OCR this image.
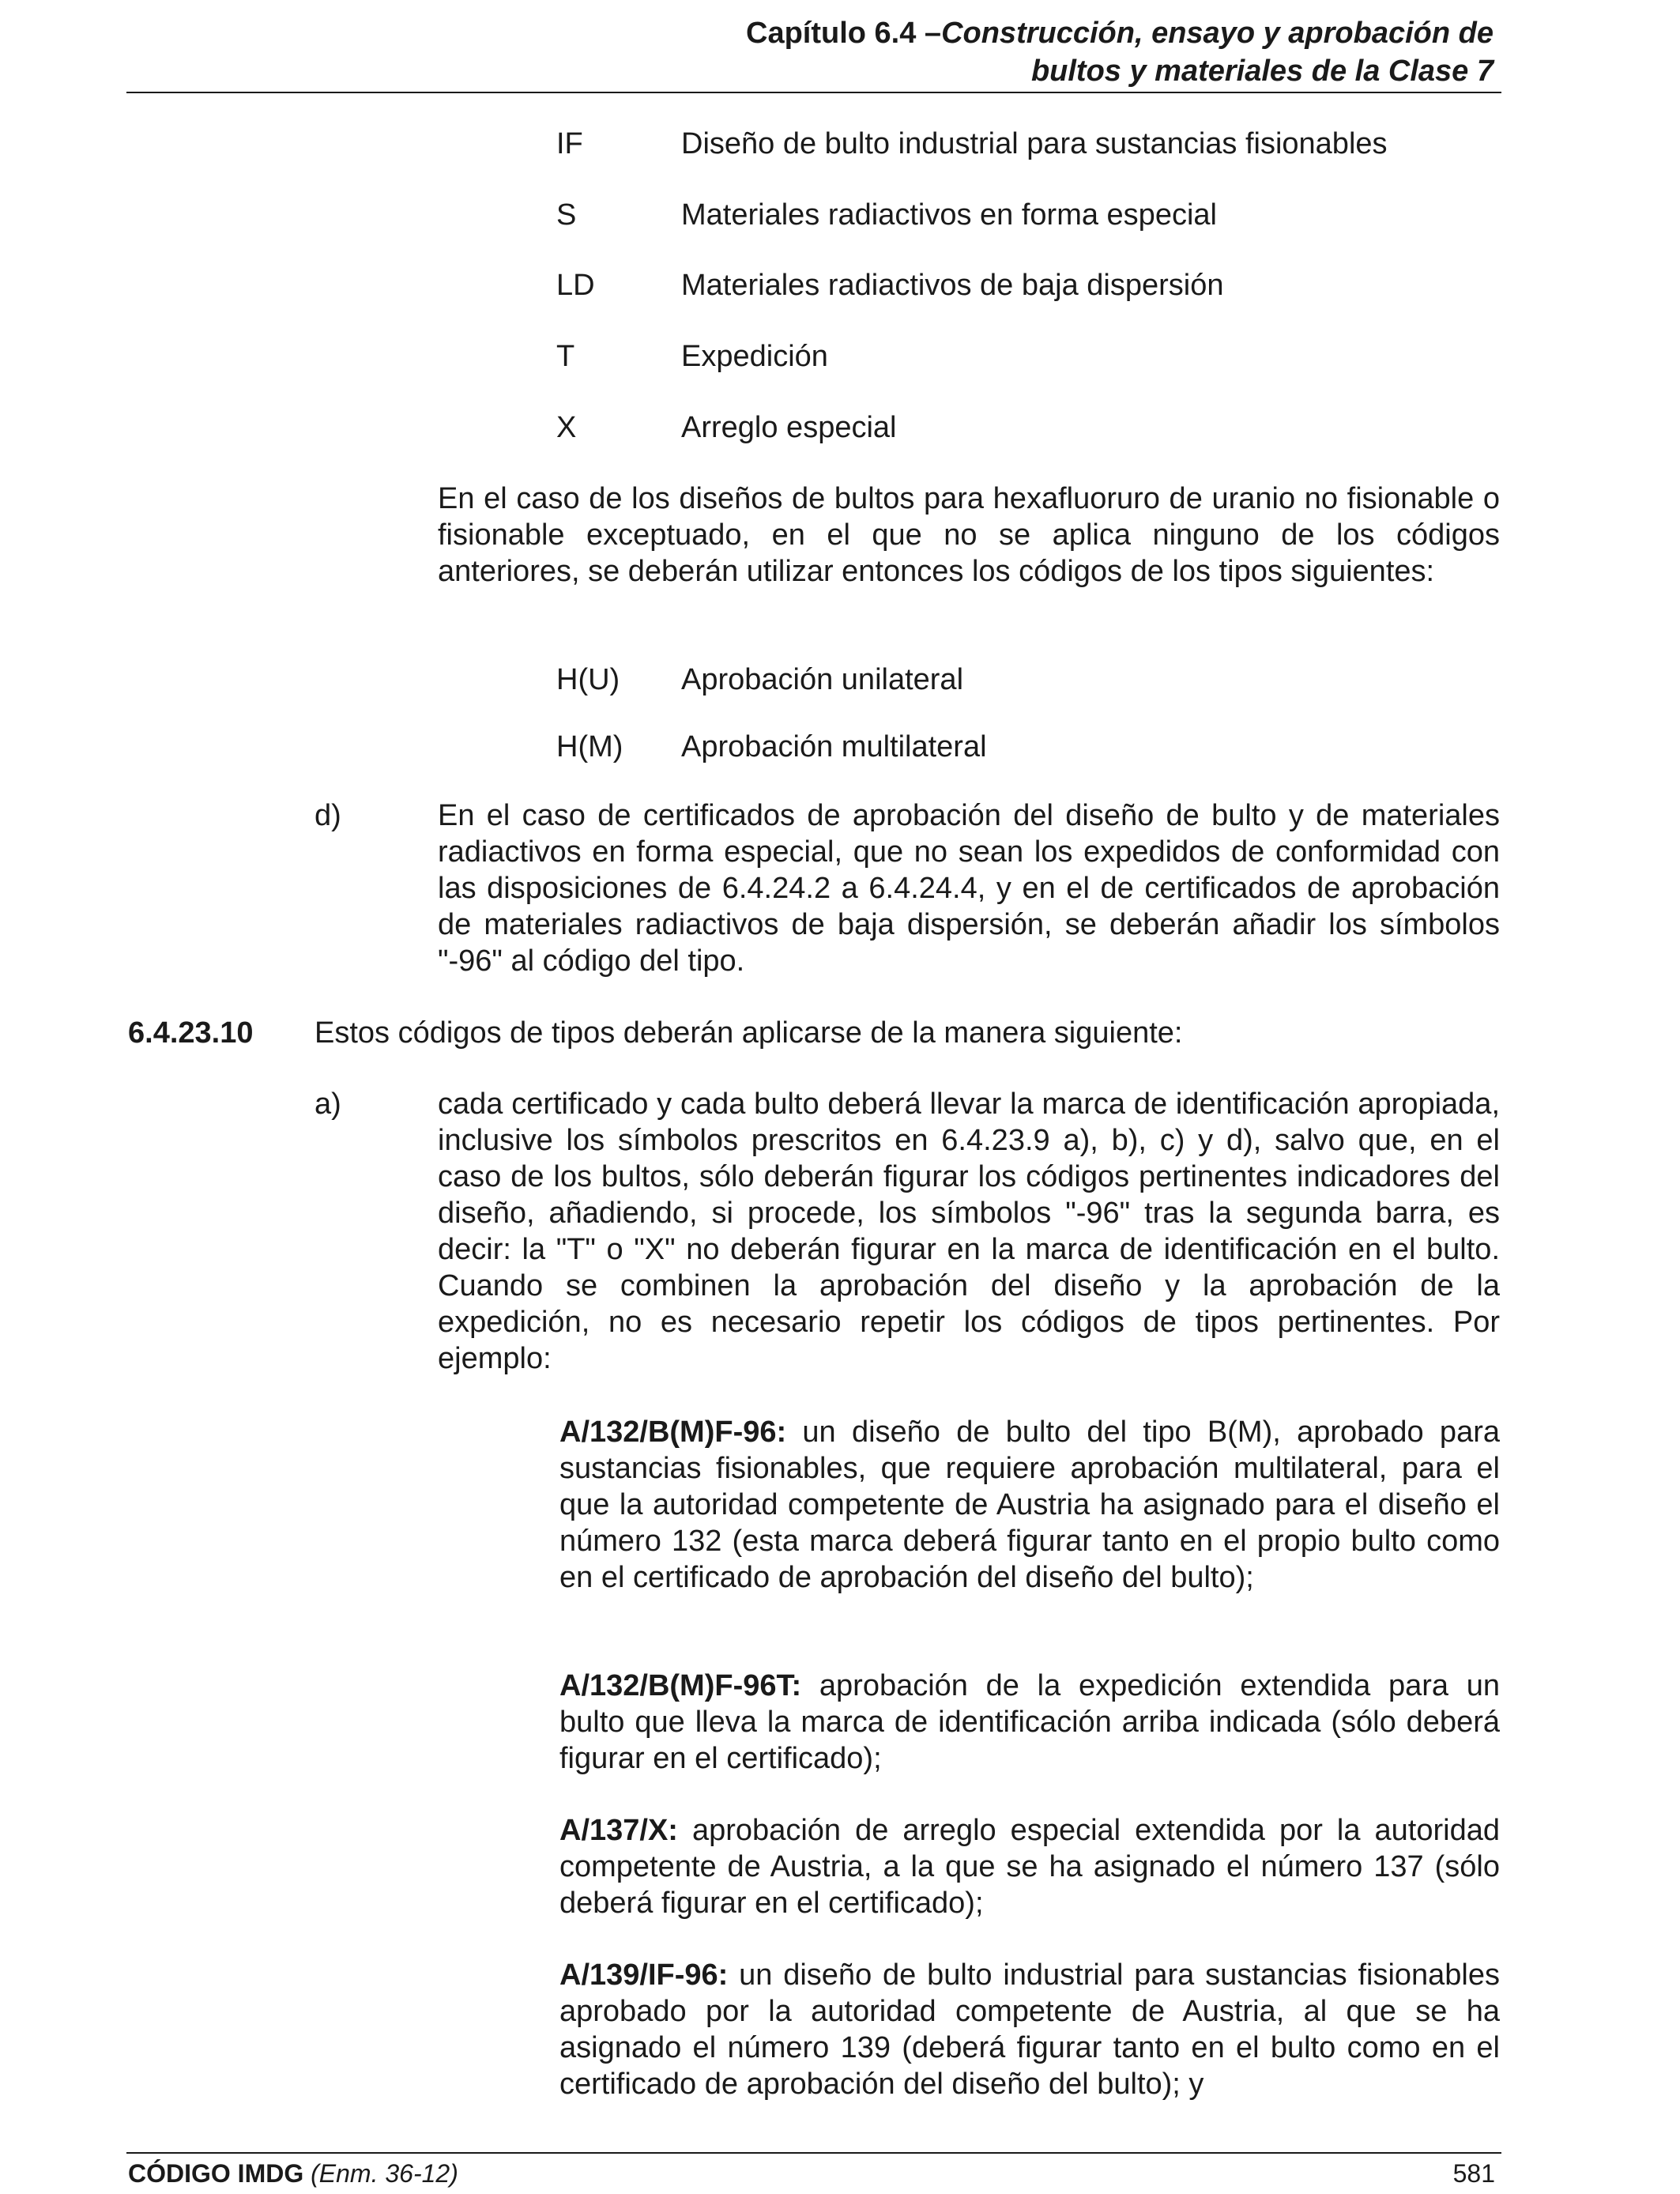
Capítulo 6.4 –Construcción, ensayo y aprobación de
bultos y materiales de la Clase 7
IF	Diseño de bulto industrial para sustancias fisionables
S	Materiales radiactivos en forma especial
LD	Materiales radiactivos de baja dispersión
T	Expedición
X	Arreglo especial
En el caso de los diseños de bultos para hexafluoruro de uranio no fisionable o fisionable exceptuado, en el que no se aplica ninguno de los códigos anteriores, se deberán utilizar entonces los códigos de los tipos siguientes:
H(U) Aprobación unilateral
H(M) Aprobación multilateral
d)	En el caso de certificados de aprobación del diseño de bulto y de materiales radiactivos en forma especial, que no sean los expedidos de conformidad con las disposiciones de 6.4.24.2 a 6.4.24.4, y en el de certificados de aprobación de materiales radiactivos de baja dispersión, se deberán añadir los símbolos "-96" al código del tipo.
6.4.23.10 Estos códigos de tipos deberán aplicarse de la manera siguiente:
a)	cada certificado y cada bulto deberá llevar la marca de identificación apropiada, inclusive los símbolos prescritos en 6.4.23.9 a), b), c) y d), salvo que, en el caso de los bultos, sólo deberán figurar los códigos pertinentes indicadores del diseño, añadiendo, si procede, los símbolos "-96" tras la segunda barra, es decir: la "T" o "X" no deberán figurar en la marca de identificación en el bulto. Cuando se combinen la aprobación del diseño y la aprobación de la expedición, no es necesario repetir los códigos de tipos pertinentes. Por ejemplo:
A/132/B(M)F-96: un diseño de bulto del tipo B(M), aprobado para sustancias fisionables, que requiere aprobación multilateral, para el que la autoridad competente de Austria ha asignado para el diseño el número 132 (esta marca deberá figurar tanto en el propio bulto como en el certificado de aprobación del diseño del bulto);
A/132/B(M)F-96T: aprobación de la expedición extendida para un bulto que lleva la marca de identificación arriba indicada (sólo deberá figurar en el certificado);
A/137/X: aprobación de arreglo especial extendida por la autoridad competente de Austria, a la que se ha asignado el número 137 (sólo deberá figurar en el certificado);
A/139/IF-96: un diseño de bulto industrial para sustancias fisionables aprobado por la autoridad competente de Austria, al que se ha asignado el número 139 (deberá figurar tanto en el bulto como en el certificado de aprobación del diseño del bulto); y
CÓDIGO IMDG (Enm. 36-12)	581
